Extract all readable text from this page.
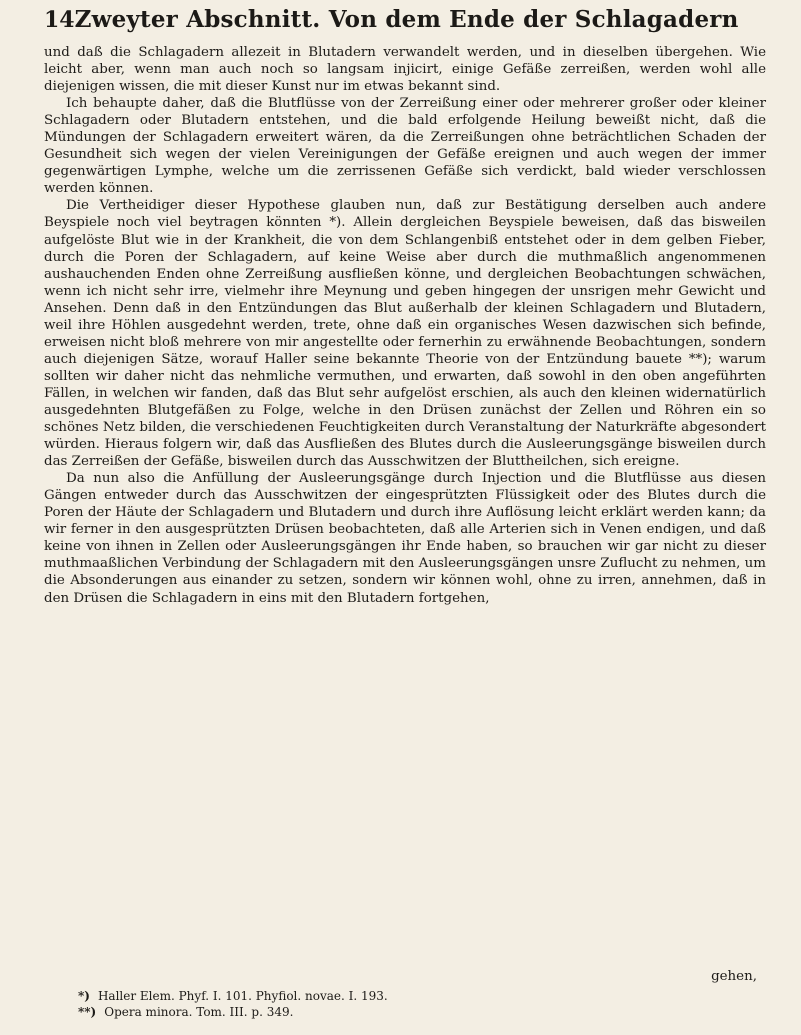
14 Zweyter Abschnitt. Von dem Ende der Schlagadern

und daß die Schlagadern allezeit in Blutadern verwandelt werden, und in dieselben übergehen. Wie leicht aber, wenn man auch noch so langsam injicirt, einige Gefäße zerreißen, werden wohl alle diejenigen wissen, die mit dieser Kunst nur im etwas bekannt sind.

Ich behaupte daher, daß die Blutflüsse von der Zerreißung einer oder mehrerer großer oder kleiner Schlagadern oder Blutadern entstehen, und die bald erfolgende Heilung beweißt nicht, daß die Mündungen der Schlagadern erweitert wären, da die Zerreißungen ohne beträchtlichen Schaden der Gesundheit sich wegen der vielen Vereinigungen der Gefäße ereignen und auch wegen der immer gegenwärtigen Lymphe, welche um die zerrissenen Gefäße sich verdickt, bald wieder verschlossen werden können.

Die Vertheidiger dieser Hypothese glauben nun, daß zur Bestätigung derselben auch andere Beyspiele noch viel beytragen könnten *). Allein dergleichen Beyspiele beweisen, daß das bisweilen aufgelöste Blut wie in der Krankheit, die von dem Schlangenbiß entstehet oder in dem gelben Fieber, durch die Poren der Schlagadern, auf keine Weise aber durch die muthmaßlich angenommenen aushauchenden Enden ohne Zerreißung ausfließen könne, und dergleichen Beobachtungen schwächen, wenn ich nicht sehr irre, vielmehr ihre Meynung und geben hingegen der unsrigen mehr Gewicht und Ansehen. Denn daß in den Entzündungen das Blut außerhalb der kleinen Schlagadern und Blutadern, weil ihre Höhlen ausgedehnt werden, trete, ohne daß ein organisches Wesen dazwischen sich befinde, erweisen nicht bloß mehrere von mir angestellte oder fernerhin zu erwähnende Beobachtungen, sondern auch diejenigen Sätze, worauf Haller seine bekannte Theorie von der Entzündung bauete **); warum sollten wir daher nicht das nehmliche vermuthen, und erwarten, daß sowohl in den oben angeführten Fällen, in welchen wir fanden, daß das Blut sehr aufgelöst erschien, als auch den kleinen widernatürlich ausgedehnten Blutgefäßen zu Folge, welche in den Drüsen zunächst der Zellen und Röhren ein so schönes Netz bilden, die verschiedenen Feuchtigkeiten durch Veranstaltung der Naturkräfte abgesondert würden. Hieraus folgern wir, daß das Ausfließen des Blutes durch die Ausleerungsgänge bisweilen durch das Zerreißen der Gefäße, bisweilen durch das Ausschwitzen der Bluttheilchen, sich ereigne.

Da nun also die Anfüllung der Ausleerungsgänge durch Injection und die Blutflüsse aus diesen Gängen entweder durch das Ausschwitzen der eingesprützten Flüssigkeit oder des Blutes durch die Poren der Häute der Schlagadern und Blutadern und durch ihre Auflösung leicht erklärt werden kann; da wir ferner in den ausgesprützten Drüsen beobachteten, daß alle Arterien sich in Venen endigen, und daß keine von ihnen in Zellen oder Ausleerungsgängen ihr Ende haben, so brauchen wir gar nicht zu dieser muthmaaßlichen Verbindung der Schlagadern mit den Ausleerungsgängen unsre Zuflucht zu nehmen, um die Absonderungen aus einander zu setzen, sondern wir können wohl, ohne zu irren, annehmen, daß in den Drüsen die Schlagadern in eins mit den Blutadern fortgehen,

gehen,
*) Haller Elem. Phyf. I. 101. Phyfiol. novae. I. 193.
**) Opera minora. Tom. III. p. 349.
